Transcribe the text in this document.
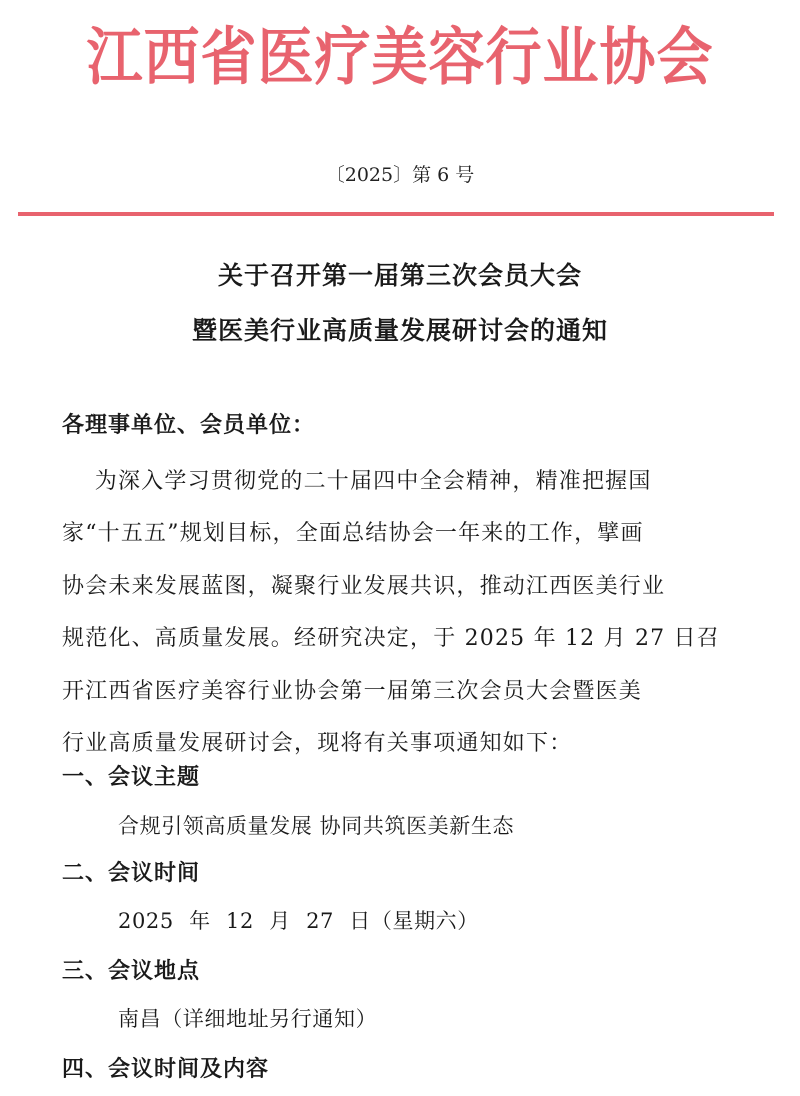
江西省医疗美容行业协会
〔2025〕第 6 号
关于召开第一届第三次会员大会
暨医美行业高质量发展研讨会的通知
各理事单位、会员单位：
为深入学习贯彻党的二十届四中全会精神，精准把握国
家“十五五”规划目标，全面总结协会一年来的工作，擘画
协会未来发展蓝图，凝聚行业发展共识，推动江西医美行业
规范化、高质量发展。经研究决定，于 2025 年 12 月 27 日召
开江西省医疗美容行业协会第一届第三次会员大会暨医美
行业高质量发展研讨会，现将有关事项通知如下：
一、会议主题
合规引领高质量发展 协同共筑医美新生态
二、会议时间
2025 年 12 月 27 日（星期六）
三、会议地点
南昌（详细地址另行通知）
四、会议时间及内容
